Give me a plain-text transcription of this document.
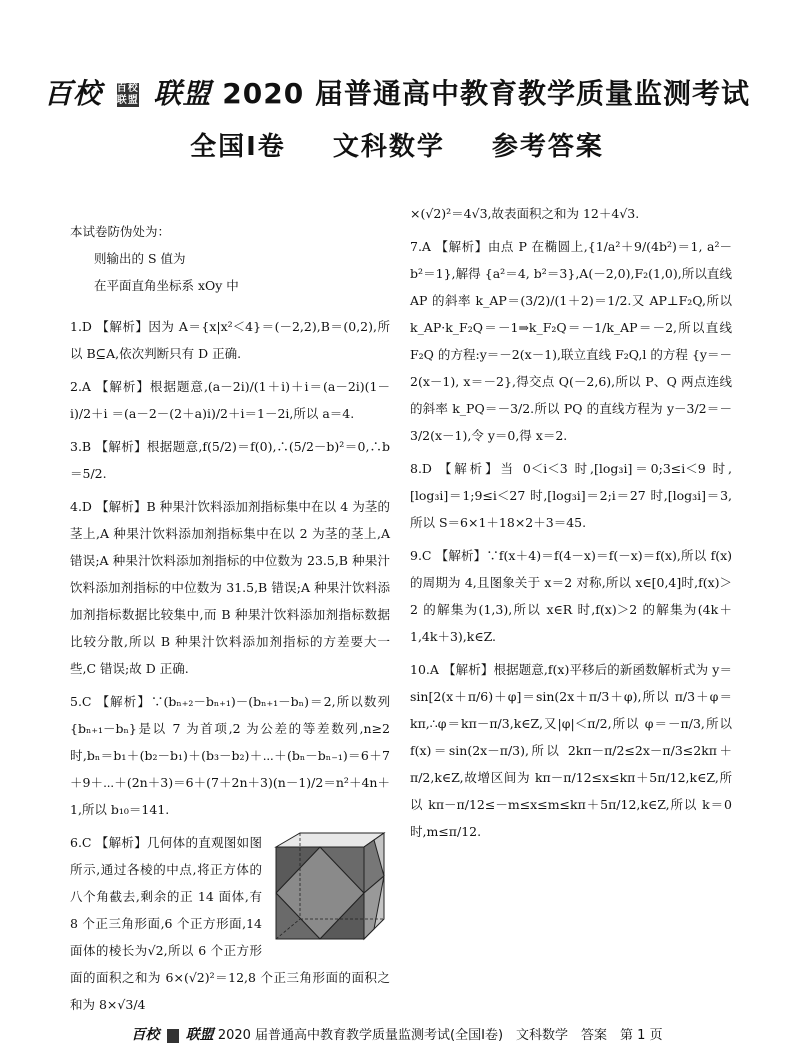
百校 百校
联盟 联盟 2020 届普通高中教育教学质量监测考试
全国Ⅰ卷 文科数学 参考答案

本试卷防伪处为：

则输出的 S 值为

在平面直角坐标系 xOy 中

1.D 【解析】因为 A＝{x|x²＜4}＝(－2,2),B＝(0,2),所以 B⊆A,依次判断只有 D 正确.

2.A 【解析】根据题意,(a－2i)/(1＋i)＋i＝(a－2i)(1－i)/2＋i ＝(a－2－(2＋a)i)/2＋i＝1－2i,所以 a＝4.

3.B 【解析】根据题意,f(5/2)＝f(0),∴(5/2－b)²＝0,∴b＝5/2.

4.D 【解析】B 种果汁饮料添加剂指标集中在以 4 为茎的茎上,A 种果汁饮料添加剂指标集中在以 2 为茎的茎上,A 错误;A 种果汁饮料添加剂指标的中位数为 23.5,B 种果汁饮料添加剂指标的中位数为 31.5,B 错误;A 种果汁饮料添加剂指标数据比较集中,而 B 种果汁饮料添加剂指标数据比较分散,所以 B 种果汁饮料添加剂指标的方差要大一些,C 错误;故 D 正确.

5.C 【解析】∵(bₙ₊₂－bₙ₊₁)－(bₙ₊₁－bₙ)＝2,所以数列{bₙ₊₁－bₙ}是以 7 为首项,2 为公差的等差数列,n≥2 时,bₙ＝b₁＋(b₂－b₁)＋(b₃－b₂)＋⋯＋(bₙ－bₙ₋₁)＝6＋7＋9＋⋯＋(2n＋3)＝6＋(7＋2n＋3)(n－1)/2＝n²＋4n＋1,所以 b₁₀＝141.

6.C 【解析】几何体的直观图如图所示,通过各棱的中点,将正方体的八个角截去,剩余的正 14 面体,有 8 个正三角形面,6 个正方形面,14 面体的棱长为√2,所以 6 个正方形面的面积之和为 6×(√2)²＝12,8 个正三角形面的面积之和为 8×√3/4

×(√2)²＝4√3,故表面积之和为 12＋4√3.

7.A 【解析】由点 P 在椭圆上,{1/a²＋9/(4b²)＝1, a²－b²＝1},解得 {a²＝4, b²＝3},A(－2,0),F₂(1,0),所以直线 AP 的斜率 k_AP＝(3/2)/(1＋2)＝1/2.又 AP⊥F₂Q,所以 k_AP·k_F₂Q＝－1⇒k_F₂Q＝－1/k_AP＝－2,所以直线 F₂Q 的方程:y＝－2(x－1),联立直线 F₂Q,l 的方程 {y＝－2(x－1), x＝－2},得交点 Q(－2,6),所以 P、Q 两点连线的斜率 k_PQ＝－3/2.所以 PQ 的直线方程为 y－3/2＝－3/2(x－1),令 y＝0,得 x＝2.

8.D 【解析】当 0＜i＜3 时,[log₃i]＝0;3≤i＜9 时,[log₃i]＝1;9≤i＜27 时,[log₃i]＝2;i＝27 时,[log₃i]＝3,所以 S＝6×1＋18×2＋3＝45.

9.C 【解析】∵f(x＋4)＝f(4－x)＝f(－x)＝f(x),所以 f(x)的周期为 4,且图象关于 x＝2 对称,所以 x∈[0,4]时,f(x)＞2 的解集为(1,3),所以 x∈R 时,f(x)＞2 的解集为(4k＋1,4k＋3),k∈Z.

10.A 【解析】根据题意,f(x)平移后的新函数解析式为 y＝sin[2(x＋π/6)＋φ]＝sin(2x＋π/3＋φ),所以 π/3＋φ＝kπ,∴φ＝kπ－π/3,k∈Z,又|φ|＜π/2,所以 φ＝－π/3,所以 f(x)＝sin(2x－π/3),所以 2kπ－π/2≤2x－π/3≤2kπ＋π/2,k∈Z,故增区间为 kπ－π/12≤x≤kπ＋5π/12,k∈Z,所以 kπ－π/12≤－m≤x≤m≤kπ＋5π/12,k∈Z,所以 k＝0 时,m≤π/12.

百校 联盟 2020 届普通高中教育教学质量监测考试(全国Ⅰ卷)　文科数学　答案　第 1 页
